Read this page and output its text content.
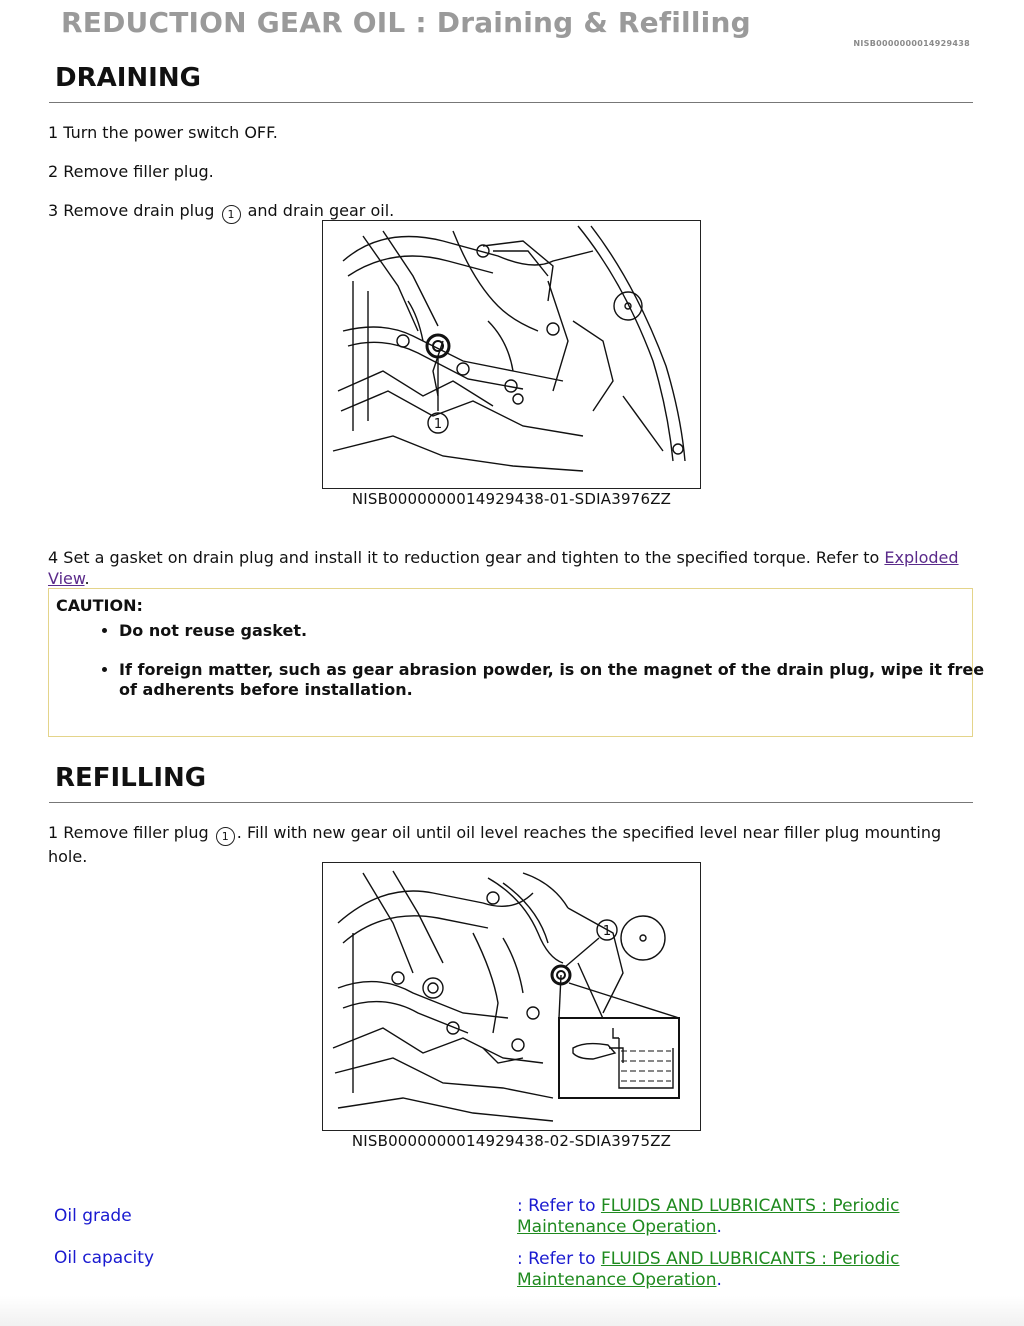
REDUCTION GEAR OIL : Draining & Refilling
NISB0000000014929438
DRAINING
1 Turn the power switch OFF.
2 Remove filler plug.
3 Remove drain plug 1 and drain gear oil.
1
NISB0000000014929438-01-SDIA3976ZZ
4 Set a gasket on drain plug and install it to reduction gear and tighten to the specified torque. Refer to Exploded View.
CAUTION:
• Do not reuse gasket.
• If foreign matter, such as gear abrasion powder, is on the magnet of the drain plug, wipe it free of adherents before installation.
REFILLING
1 Remove filler plug 1 . Fill with new gear oil until oil level reaches the specified level near filler plug mounting hole.
1
NISB0000000014929438-02-SDIA3975ZZ
Oil grade	: Refer to FLUIDS AND LUBRICANTS : Periodic Maintenance Operation.
Oil capacity	: Refer to FLUIDS AND LUBRICANTS : Periodic Maintenance Operation.
